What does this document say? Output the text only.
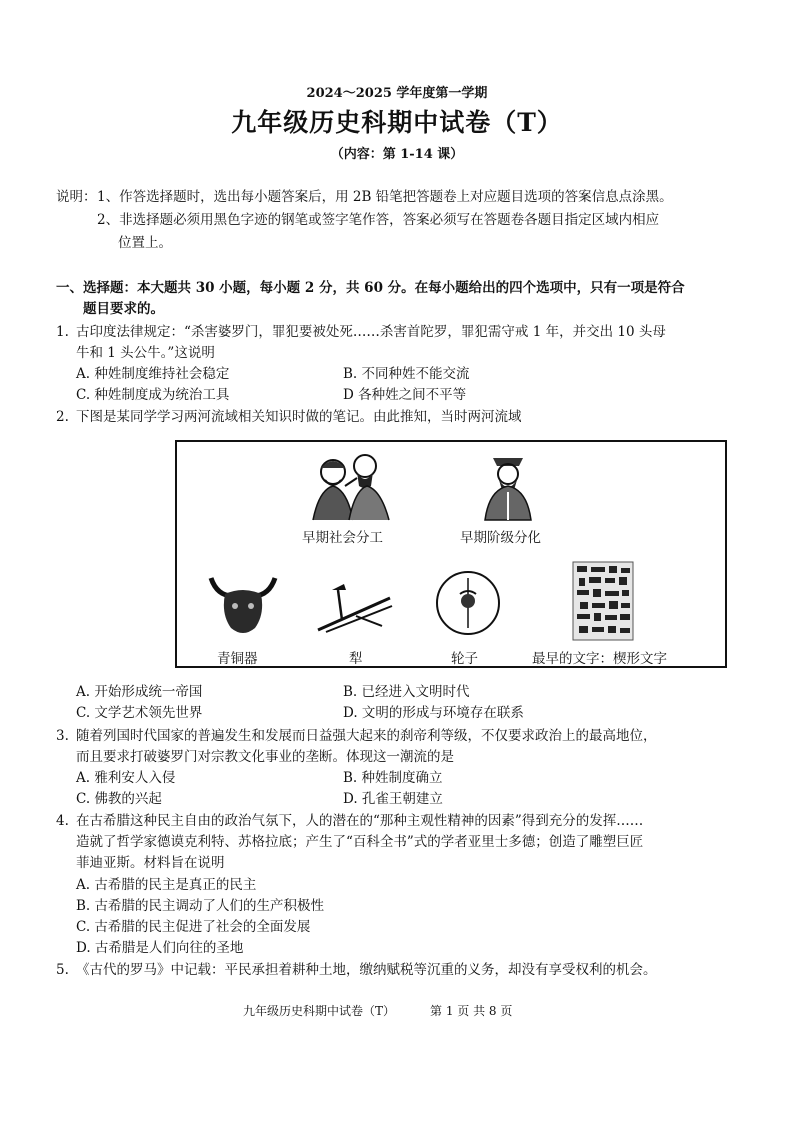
2024～2025 学年度第一学期
九年级历史科期中试卷（T）
（内容：第 1-14 课）
说明： 1、作答选择题时，选出每小题答案后，用 2B 铅笔把答题卷上对应题目选项的答案信息点涂黑。
2、非选择题必须用黑色字迹的钢笔或签字笔作答，答案必须写在答题卷各题目指定区域内相应
位置上。
一、选择题：本大题共 30 小题，每小题 2 分，共 60 分。在每小题给出的四个选项中，只有一项是符合
题目要求的。
1. 古印度法律规定：“杀害婆罗门，罪犯要被处死……杀害首陀罗，罪犯需守戒 1 年，并交出 10 头母
牛和 1 头公牛。”这说明
A. 种姓制度维持社会稳定	B. 不同种姓不能交流
C. 种姓制度成为统治工具	D 各种姓之间不平等
2. 下图是某同学学习两河流域相关知识时做的笔记。由此推知，当时两河流域
早期社会分工	早期阶级分化
青铜器	犁	轮子	最早的文字：楔形文字
A. 开始形成统一帝国	B. 已经进入文明时代
C. 文学艺术领先世界	D. 文明的形成与环境存在联系
3. 随着列国时代国家的普遍发生和发展而日益强大起来的刹帝利等级，不仅要求政治上的最高地位，
而且要求打破婆罗门对宗教文化事业的垄断。体现这一潮流的是
A. 雅利安人入侵	B. 种姓制度确立
C. 佛教的兴起	D. 孔雀王朝建立
4. 在古希腊这种民主自由的政治气氛下，人的潜在的“那种主观性精神的因素”得到充分的发挥……
造就了哲学家德谟克利特、苏格拉底；产生了“百科全书”式的学者亚里士多德；创造了雕塑巨匠
菲迪亚斯。材料旨在说明
A. 古希腊的民主是真正的民主
B. 古希腊的民主调动了人们的生产积极性
C. 古希腊的民主促进了社会的全面发展
D. 古希腊是人们向往的圣地
5. 《古代的罗马》中记载：平民承担着耕种土地，缴纳赋税等沉重的义务，却没有享受权利的机会。
九年级历史科期中试卷（T）	第 1 页 共 8 页
